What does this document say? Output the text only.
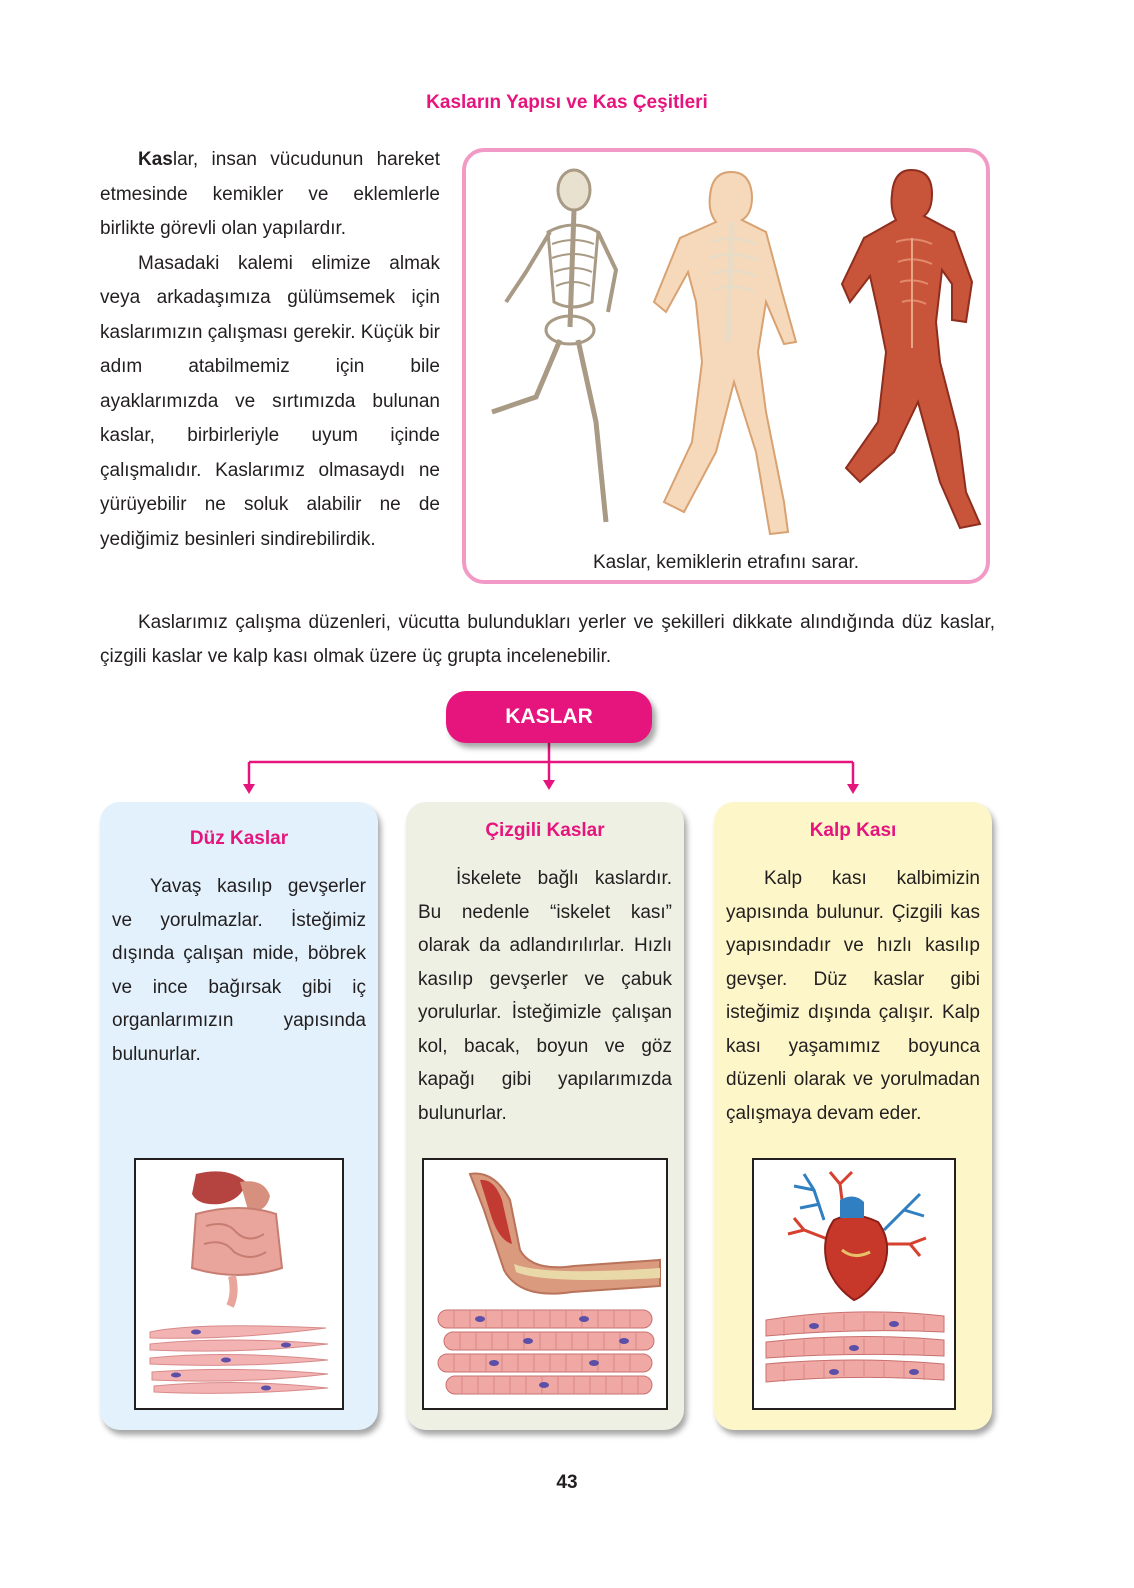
Kasların Yapısı ve Kas Çeşitleri

Kaslar, insan vücudunun hareket etmesinde kemikler ve eklemlerle birlikte görevli olan yapılardır.

Masadaki kalemi elimize almak veya arkadaşımıza gülümsemek için kaslarımızın çalışması gerekir. Küçük bir adım atabilmemiz için bile ayaklarımızda ve sırtımızda bulunan kaslar, birbirleriyle uyum içinde çalışmalıdır. Kaslarımız olmasaydı ne yürüyebilir ne soluk alabilir ne de yediğimiz besinleri sindirebilirdik.

Kaslar, kemiklerin etrafını sarar.

Kaslarımız çalışma düzenleri, vücutta bulundukları yerler ve şekilleri dikkate alındığında düz kaslar, çizgili kaslar ve kalp kası olmak üzere üç grupta incelenebilir.

KASLAR
Düz Kaslar

Yavaş kasılıp gevşerler ve yorulmazlar. İsteğimiz dışında çalışan mide, böbrek ve ince bağırsak gibi iç organlarımızın yapısında bulunurlar.

Çizgili Kaslar

İskelete bağlı kaslardır. Bu nedenle “iskelet kası” olarak da adlandırılırlar. Hızlı kasılıp gevşerler ve çabuk yorulurlar. İsteğimizle çalışan kol, bacak, boyun ve göz kapağı gibi yapılarımızda bulunurlar.

Kalp Kası

Kalp kası kalbimizin yapısında bulunur. Çizgili kas yapısındadır ve hızlı kasılıp gevşer. Düz kaslar gibi isteğimiz dışında çalışır. Kalp kası yaşamımız boyunca düzenli olarak ve yorulmadan çalışmaya devam eder.

43
